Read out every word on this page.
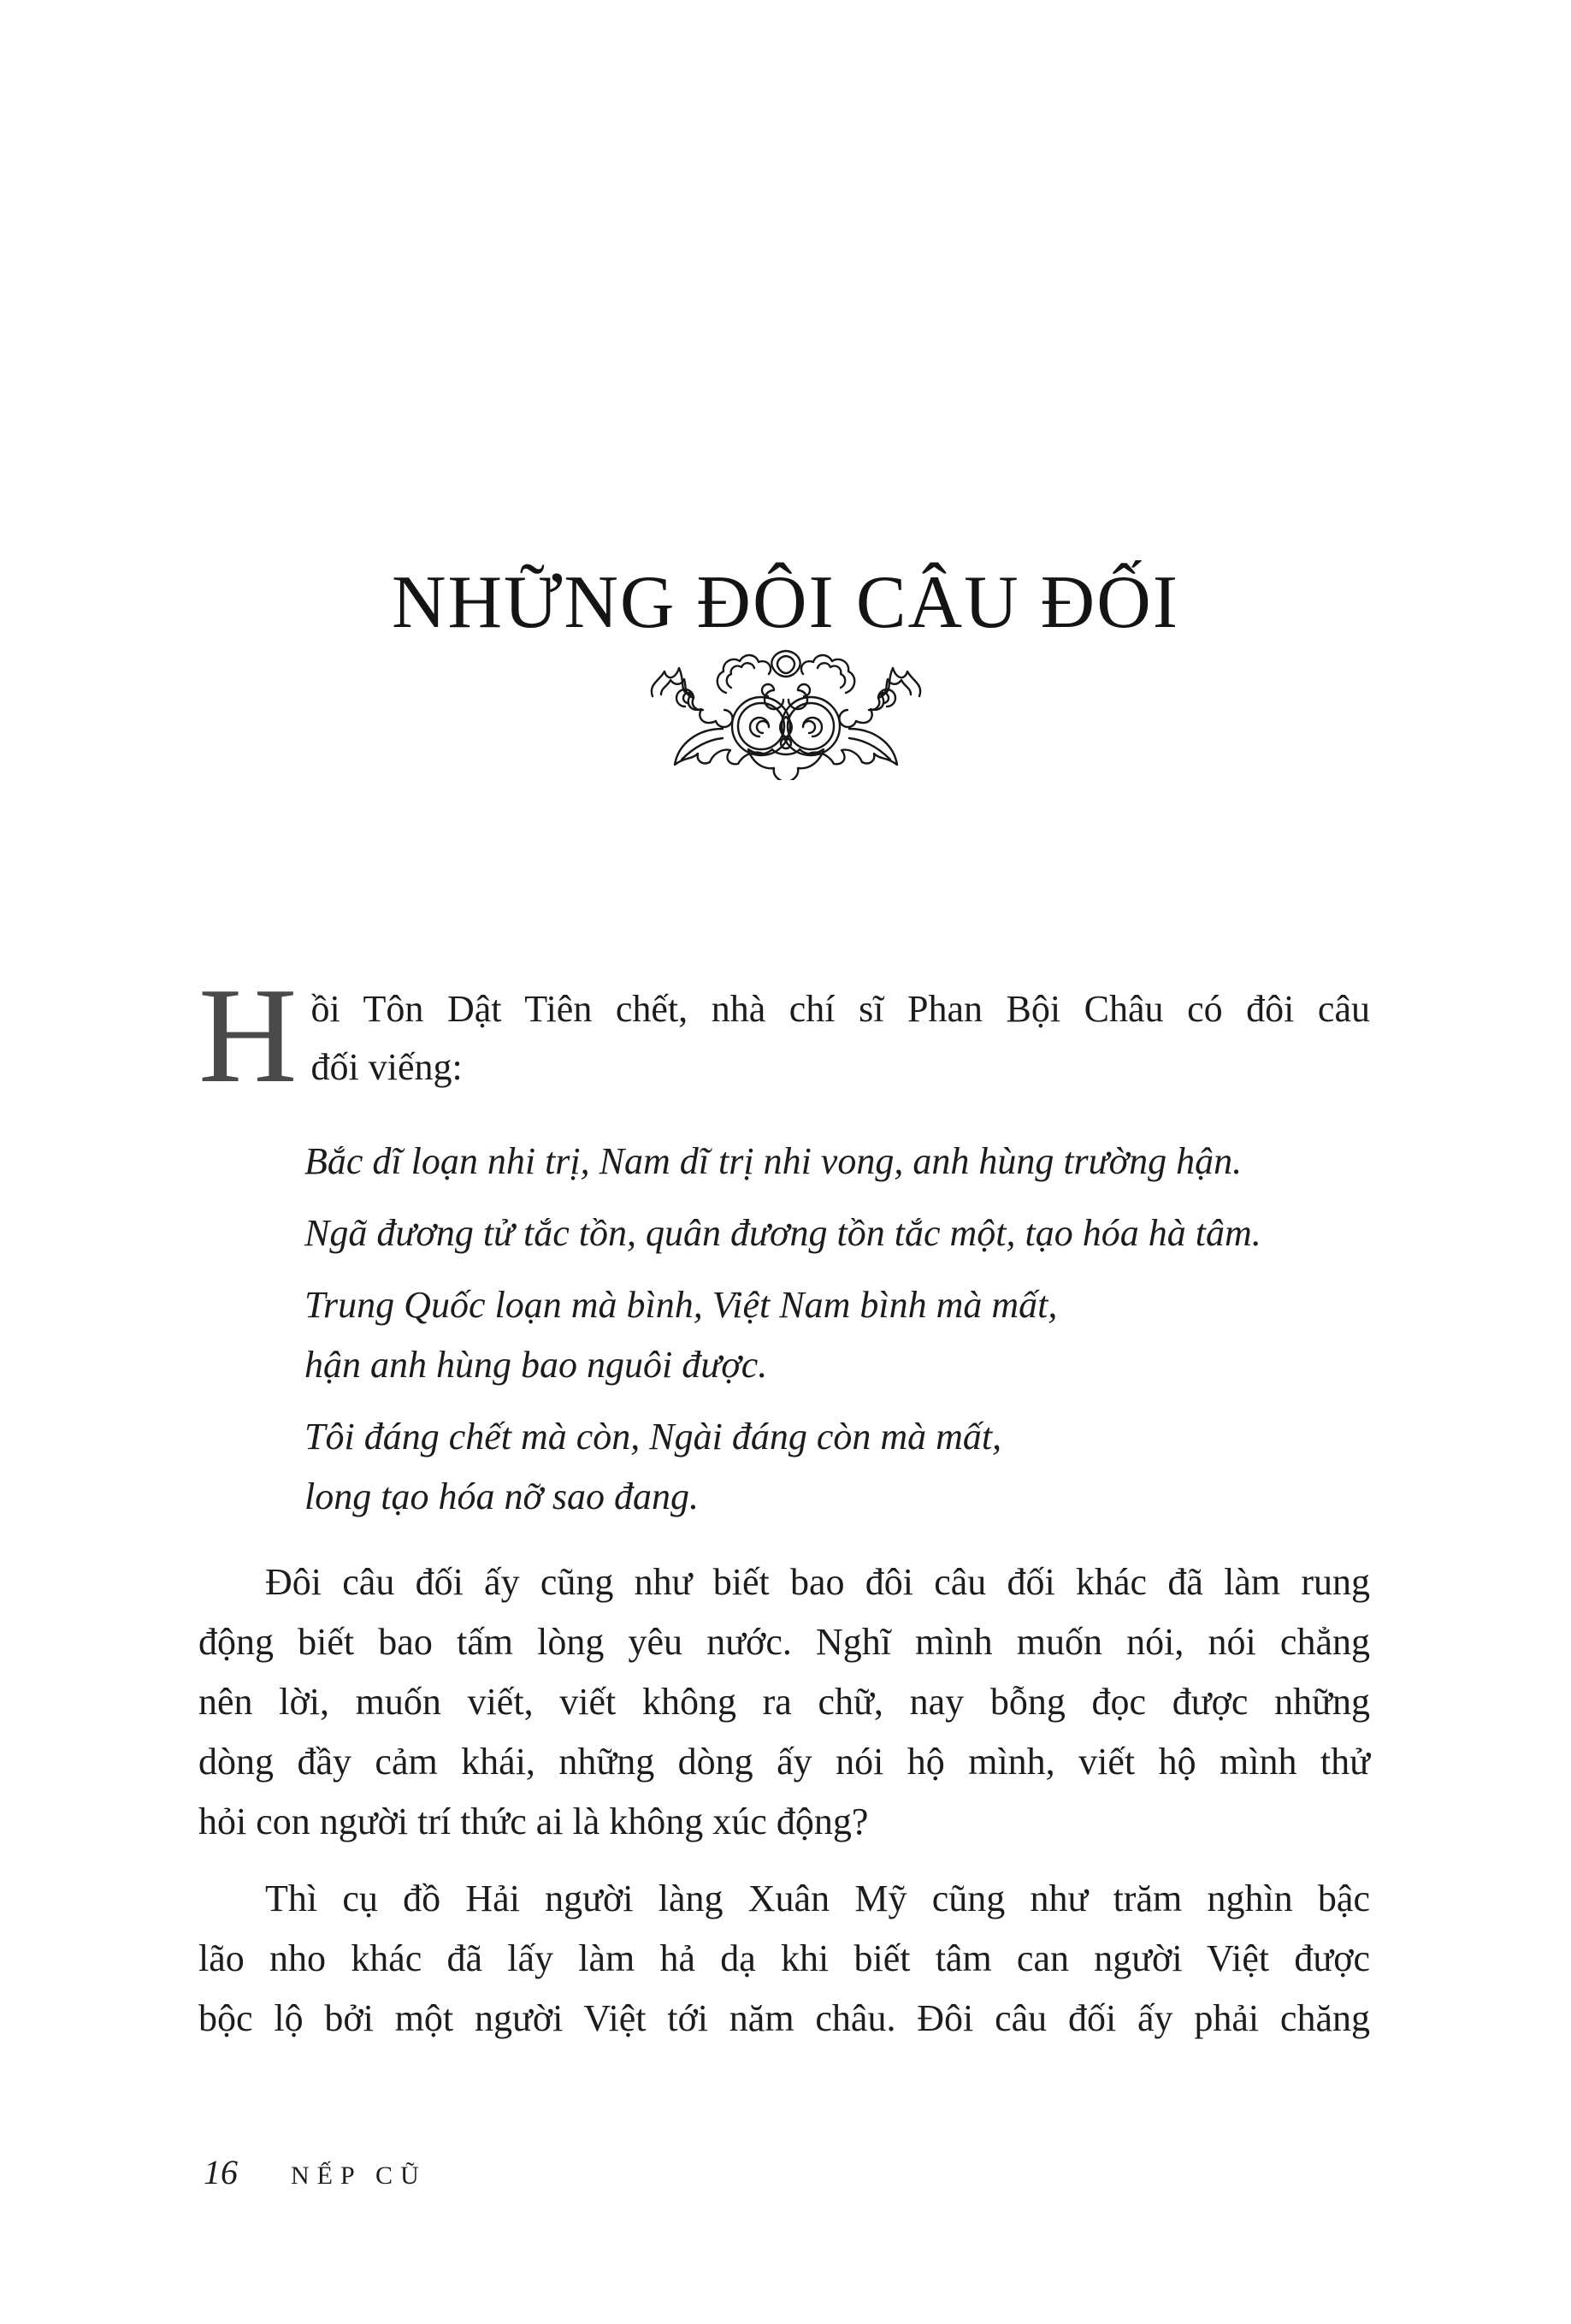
NHỮNG ĐÔI CÂU ĐỐI
H ồi Tôn Dật Tiên chết, nhà chí sĩ Phan Bội Châu có đôi câu
đối viếng:
Bắc dĩ loạn nhi trị, Nam dĩ trị nhi vong, anh hùng trường hận.
Ngã đương tử tắc tồn, quân đương tồn tắc một, tạo hóa hà tâm.
Trung Quốc loạn mà bình, Việt Nam bình mà mất,
hận anh hùng bao nguôi được.
Tôi đáng chết mà còn, Ngài đáng còn mà mất,
long tạo hóa nỡ sao đang.
Đôi câu đối ấy cũng như biết bao đôi câu đối khác đã làm rung
động biết bao tấm lòng yêu nước. Nghĩ mình muốn nói, nói chẳng
nên lời, muốn viết, viết không ra chữ, nay bỗng đọc được những
dòng đầy cảm khái, những dòng ấy nói hộ mình, viết hộ mình thử
hỏi con người trí thức ai là không xúc động?
Thì cụ đồ Hải người làng Xuân Mỹ cũng như trăm nghìn bậc
lão nho khác đã lấy làm hả dạ khi biết tâm can người Việt được
bộc lộ bởi một người Việt tới năm châu. Đôi câu đối ấy phải chăng
16 NẾP CŨ
